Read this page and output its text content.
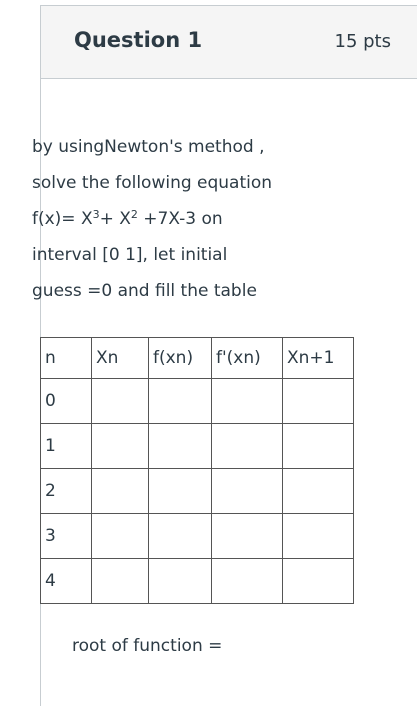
Question 1	15 pts
by usingNewton's method ,
solve the following equation
$f(x)= X^3+ X^2 +7X-3$ on
interval [0 1], let initial
guess =0 and fill the table
n	Xn	f(xn)	f'(xn)	Xn+1
0				
1				
2				
3				
4				
root of function =
